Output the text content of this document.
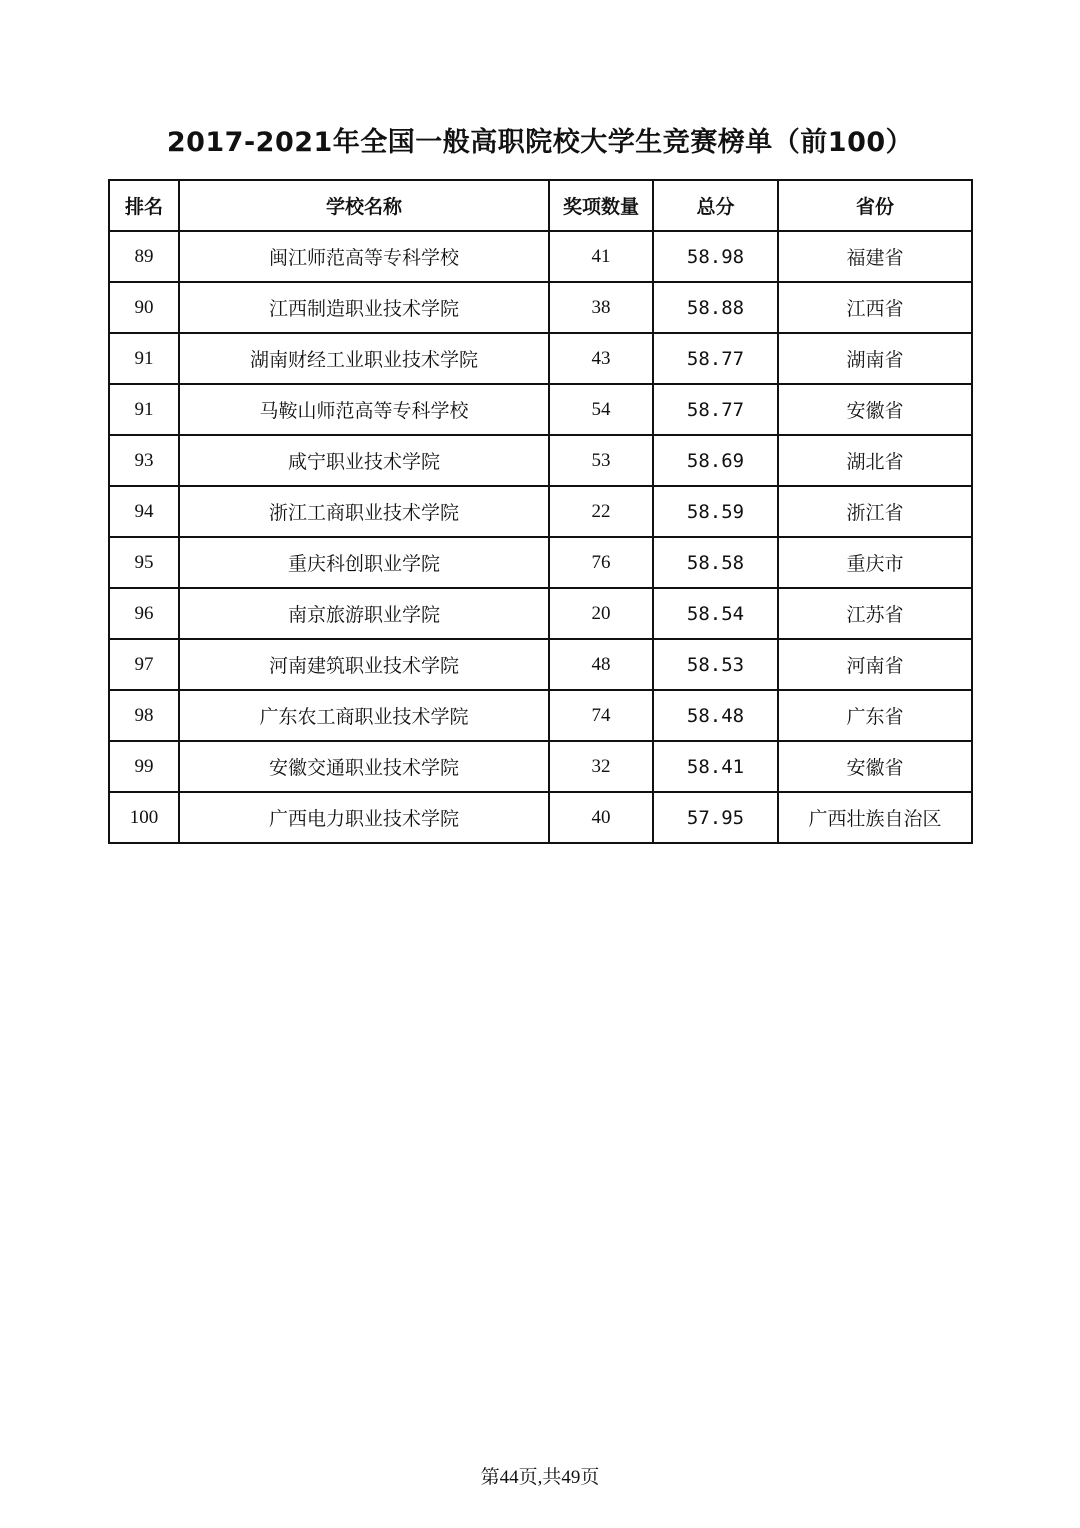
2017-2021年全国一般高职院校大学生竞赛榜单（前100）
排名	学校名称	奖项数量	总分	省份
89	闽江师范高等专科学校	41	58.98	福建省
90	江西制造职业技术学院	38	58.88	江西省
91	湖南财经工业职业技术学院	43	58.77	湖南省
91	马鞍山师范高等专科学校	54	58.77	安徽省
93	咸宁职业技术学院	53	58.69	湖北省
94	浙江工商职业技术学院	22	58.59	浙江省
95	重庆科创职业学院	76	58.58	重庆市
96	南京旅游职业学院	20	58.54	江苏省
97	河南建筑职业技术学院	48	58.53	河南省
98	广东农工商职业技术学院	74	58.48	广东省
99	安徽交通职业技术学院	32	58.41	安徽省
100	广西电力职业技术学院	40	57.95	广西壮族自治区
第44页,共49页
